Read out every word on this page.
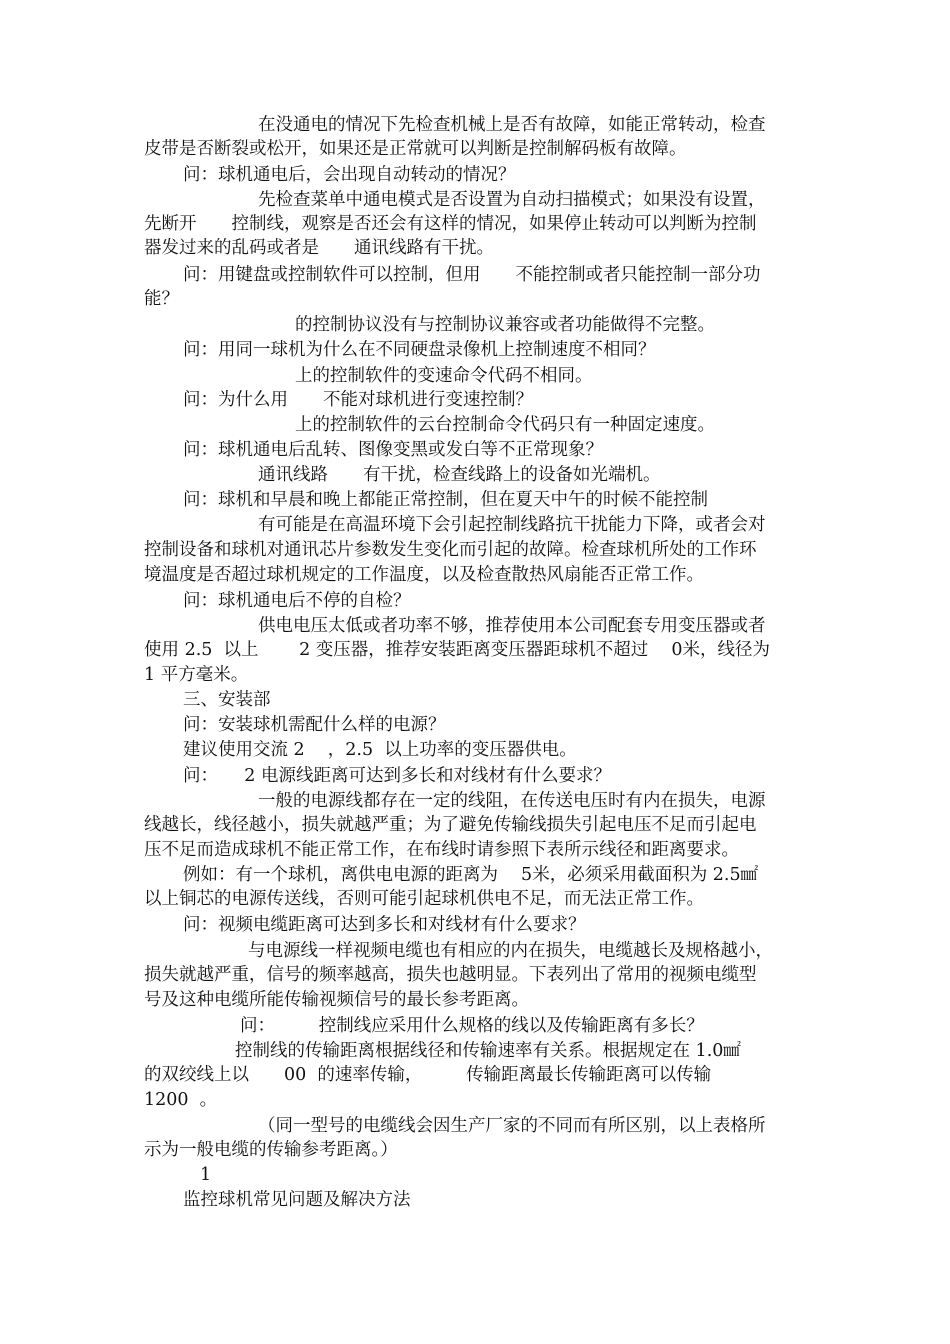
在没通电的情况下先检查机械上是否有故障，如能正常转动，检查

皮带是否断裂或松开，如果还是正常就可以判断是控制解码板有故障。

问：球机通电后，会出现自动转动的情况？

先检查菜单中通电模式是否设置为自动扫描模式；如果没有设置，

先断开　　控制线，观察是否还会有这样的情况，如果停止转动可以判断为控制

器发过来的乱码或者是　　通讯线路有干扰。

问：用键盘或控制软件可以控制，但用　　不能控制或者只能控制一部分功

能？

的控制协议没有与控制协议兼容或者功能做得不完整。

问：用同一球机为什么在不同硬盘录像机上控制速度不相同？

上的控制软件的变速命令代码不相同。

问：为什么用　　不能对球机进行变速控制？

上的控制软件的云台控制命令代码只有一种固定速度。

问：球机通电后乱转、图像变黑或发白等不正常现象？

通讯线路　　有干扰，检查线路上的设备如光端机。

问：球机和早晨和晚上都能正常控制，但在夏天中午的时候不能控制

有可能是在高温环境下会引起控制线路抗干扰能力下降，或者会对

控制设备和球机对通讯芯片参数发生变化而引起的故障。检查球机所处的工作环

境温度是否超过球机规定的工作温度，以及检查散热风扇能否正常工作。

问：球机通电后不停的自检？

供电电压太低或者功率不够，推荐使用本公司配套专用变压器或者

使用 2.5  以上　　 2 变压器，推荐安装距离变压器距球机不超过　 0米，线径为

1 平方毫米。

三、安装部

问：安装球机需配什么样的电源？

建议使用交流 2　 ，2.5  以上功率的变压器供电。

问：　　2 电源线距离可达到多长和对线材有什么要求？

一般的电源线都存在一定的线阻，在传送电压时有内在损失，电源

线越长，线径越小，损失就越严重；为了避免传输线损失引起电压不足而引起电

压不足而造成球机不能正常工作，在布线时请参照下表所示线径和距离要求。

例如：有一个球机，离供电电源的距离为　 5米，必须采用截面积为 2.5㎟

以上铜芯的电源传送线，否则可能引起球机供电不足，而无法正常工作。

问：视频电缆距离可达到多长和对线材有什么要求？

与电源线一样视频电缆也有相应的内在损失，电缆越长及规格越小，

损失就越严重，信号的频率越高，损失也越明显。下表列出了常用的视频电缆型

号及这种电缆所能传输视频信号的最长参考距离。

问：　　　控制线应采用什么规格的线以及传输距离有多长？

控制线的传输距离根据线径和传输速率有关系。根据规定在 1.0㎟

的双绞线上以　　00  的速率传输，　　　传输距离最长传输距离可以传输

1200  。

（同一型号的电缆线会因生产厂家的不同而有所区别，以上表格所

示为一般电缆的传输参考距离。）

1

监控球机常见问题及解决方法
